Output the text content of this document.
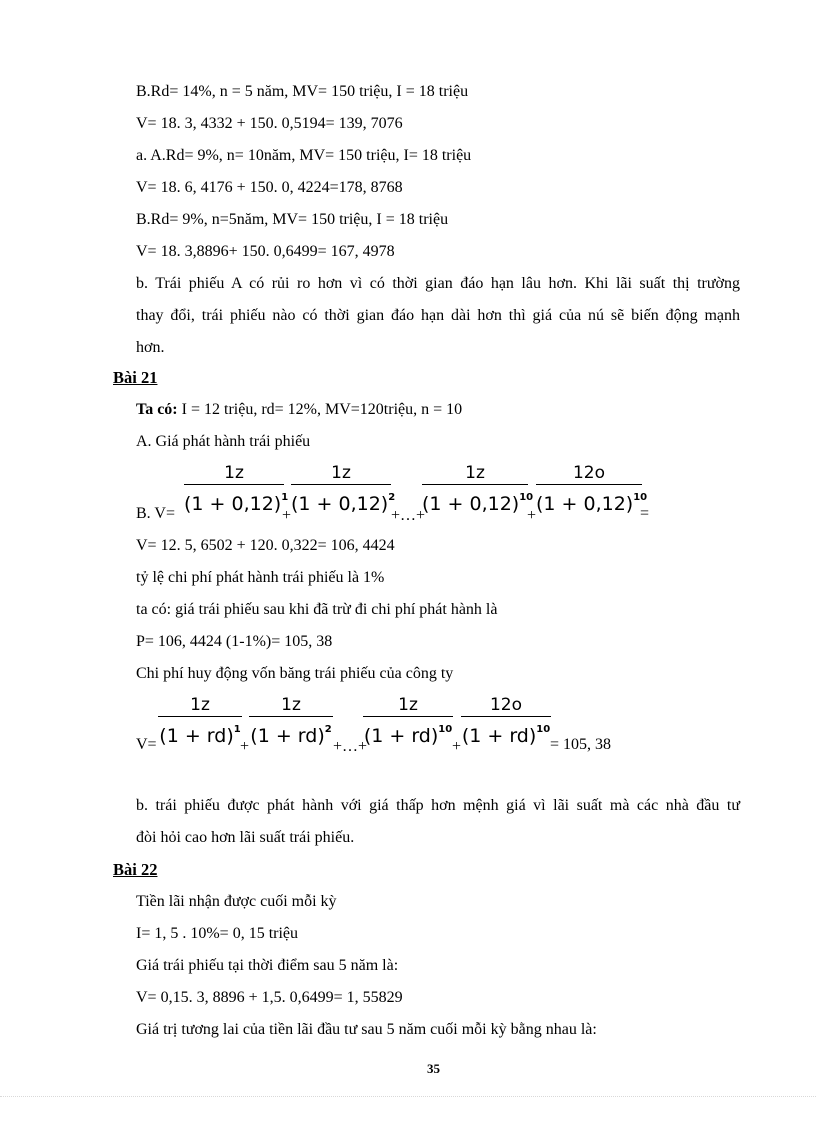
B.Rd= 14%, n = 5 năm, MV= 150 triệu, I = 18 triệu
V= 18. 3, 4332 + 150. 0,5194= 139, 7076
a. A.Rd= 9%, n= 10năm, MV= 150 triệu, I= 18 triệu
V= 18. 6, 4176 + 150. 0, 4224=178, 8768
B.Rd= 9%, n=5năm, MV= 150 triệu, I = 18 triệu
V= 18. 3,8896+ 150. 0,6499= 167, 4978
b. Trái phiếu A có rủi ro hơn vì có thời gian đáo hạn lâu hơn. Khi lãi suất thị trường
thay đổi, trái phiếu nào có thời gian đáo hạn dài hơn thì giá của nú sẽ biến động mạnh
hơn.
Bài 21
Ta có: I = 12 triệu, rd= 12%, MV=120triệu, n = 10
A. Giá phát hành trái phiếu
B. V=
1z
$(1 + 0,12)^1$
+
1z
$(1 + 0,12)^2$
+…+
1z
$(1 + 0,12)^{10}$
+
12o
$(1 + 0,12)^{10}$
=
V= 12. 5, 6502 + 120. 0,322= 106, 4424
tỷ lệ chi phí phát hành trái phiếu là 1%
ta có: giá trái phiếu sau khi đã trừ đi chi phí phát hành là
P= 106, 4424 (1-1%)= 105, 38
Chi phí huy động vốn băng trái phiếu của công ty
V=
1z
(1 + rd)$^1$
+
1z
(1 + rd)$^2$
+…+
1z
(1 + rd)$^{10}$
+
12o
(1 + rd)$^{10}$
= 105, 38
b. trái phiếu được phát hành với giá thấp hơn mệnh giá vì lãi suất mà các nhà đầu tư
đòi hỏi cao hơn lãi suất trái phiếu.
Bài 22
Tiền lãi nhận được cuối mỗi kỳ
I= 1, 5 . 10%= 0, 15 triệu
Giá trái phiếu tại thời điểm sau 5 năm là:
V= 0,15. 3, 8896 + 1,5. 0,6499= 1, 55829
Giá trị tương lai của tiền lãi đầu tư sau 5 năm cuối mỗi kỳ bằng nhau là:
35
